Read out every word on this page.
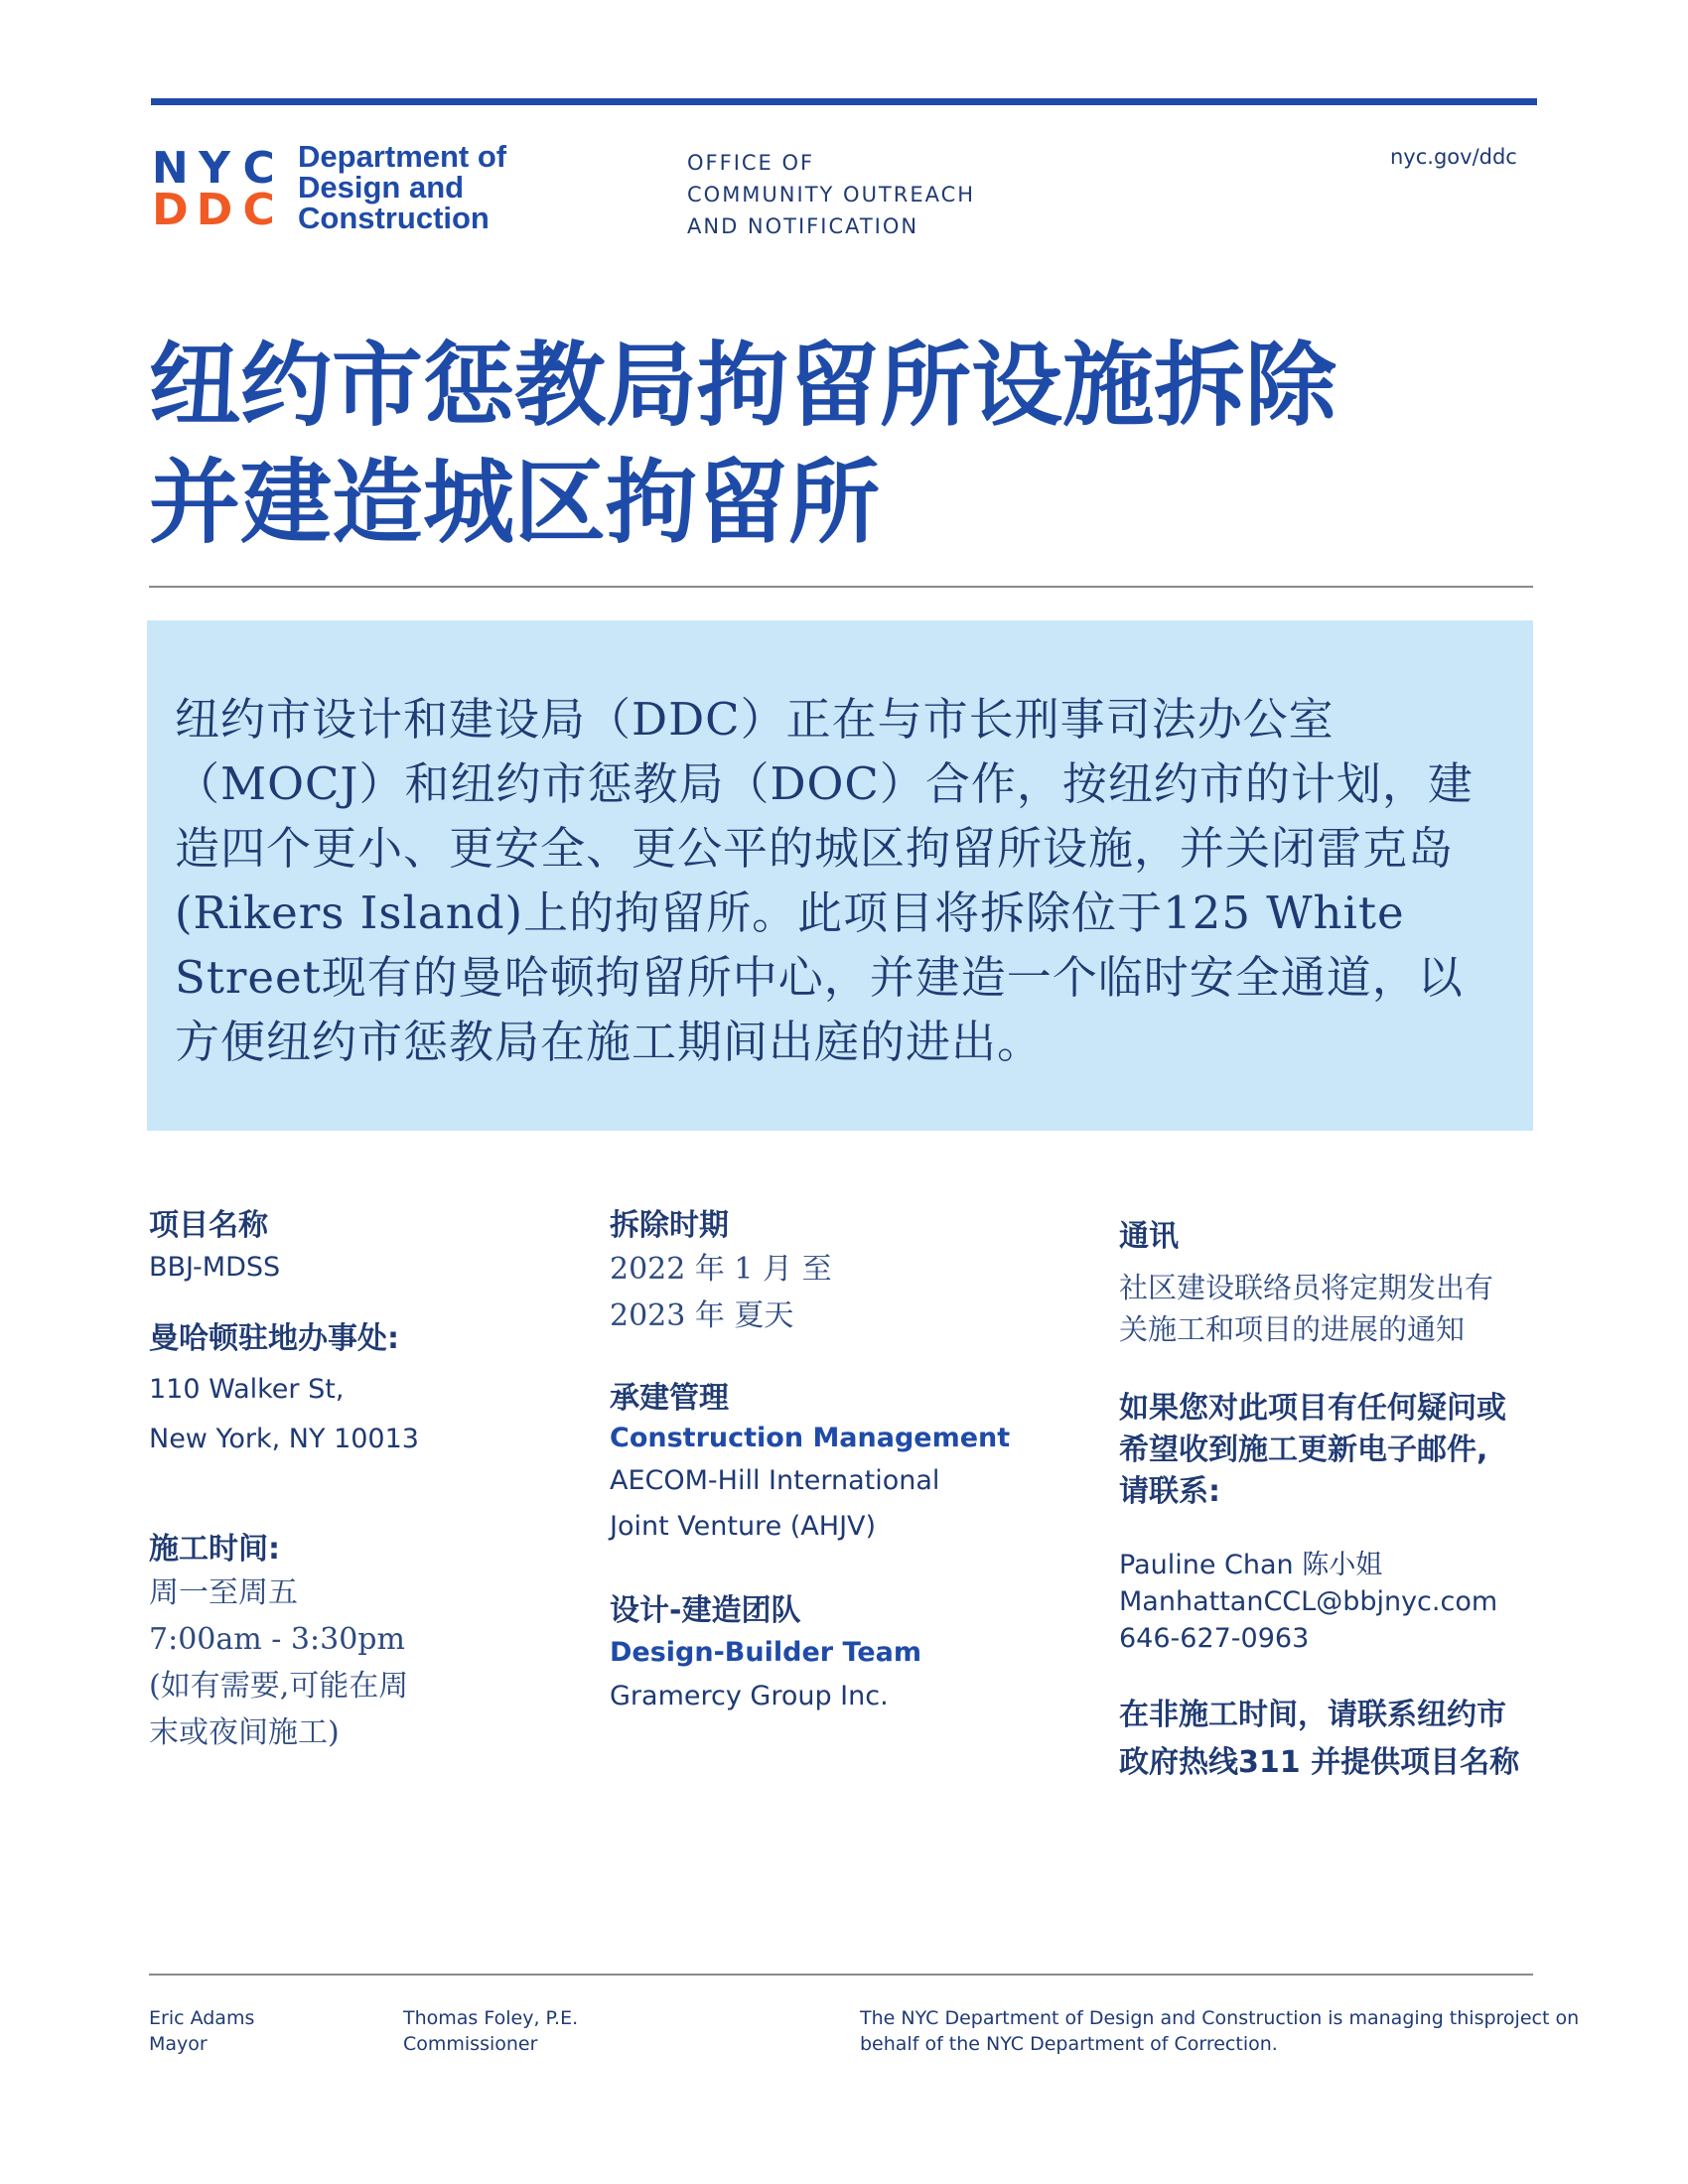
N Y C
D D C
Department of
Design and
Construction
OFFICE OF
COMMUNITY OUTREACH
AND NOTIFICATION
nyc.gov/ddc
纽约市惩教局拘留所设施拆除
并建造城区拘留所

纽约市设计和建设局（DDC）正在与市长刑事司法办公室（MOCJ）和纽约市惩教局（DOC）合作，按纽约市的计划，建造四个更小、更安全、更公平的城区拘留所设施，并关闭雷克岛(Rikers Island)上的拘留所。此项目将拆除位于125 White Street现有的曼哈顿拘留所中心，并建造一个临时安全通道，以方便纽约市惩教局在施工期间出庭的进出。

项目名称
BBJ-MDSS
曼哈顿驻地办事处:
110 Walker St,
New York, NY 10013
施工时间:
周一至周五
7:00am - 3:30pm
(如有需要,可能在周
末或夜间施工)
拆除时期
2022 年 1 月 至
2023 年 夏天
承建管理
Construction Management
AECOM-Hill International
Joint Venture (AHJV)
设计-建造团队
Design-Builder Team
Gramercy Group Inc.
通讯
社区建设联络员将定期发出有
关施工和项目的进展的通知
如果您对此项目有任何疑问或
希望收到施工更新电子邮件,
请联系:
Pauline Chan 陈小姐
ManhattanCCL@bbjnyc.com
646-627-0963
在非施工时间，请联系纽约市
政府热线311 并提供项目名称
Eric Adams
Mayor
Thomas Foley, P.E.
Commissioner
The NYC Department of Design and Construction is managing thisproject on
behalf of the NYC Department of Correction.
